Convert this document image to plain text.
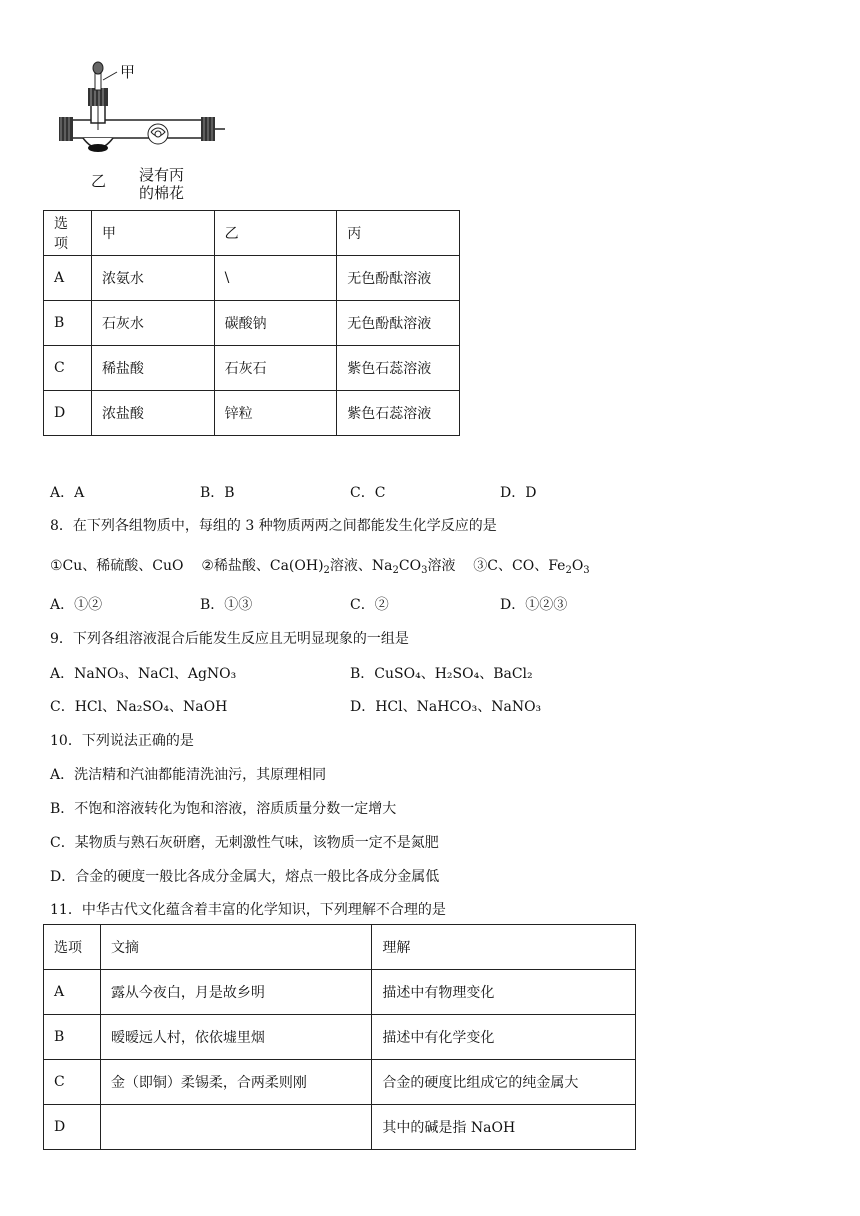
甲
乙 浸有丙
的棉花
选项	甲	乙	丙
A	浓氨水	\	无色酚酞溶液
B	石灰水	碳酸钠	无色酚酞溶液
C	稀盐酸	石灰石	紫色石蕊溶液
D	浓盐酸	锌粒	紫色石蕊溶液
A．A	B．B	C．C	D．D
8．在下列各组物质中，每组的 3 种物质两两之间都能发生化学反应的是
①Cu、稀硫酸、CuO ②稀盐酸、$Ca(OH)_2$溶液、$Na_2CO_3$溶液 ③C、CO、$Fe_2O_3$
A．①②	B．①③	C．②	D．①②③
9．下列各组溶液混合后能发生反应且无明显现象的一组是
A．NaNO₃、NaCl、AgNO₃	B．CuSO₄、H₂SO₄、BaCl₂
C．HCl、Na₂SO₄、NaOH	D．HCl、NaHCO₃、NaNO₃
10．下列说法正确的是
A．洗洁精和汽油都能清洗油污，其原理相同
B．不饱和溶液转化为饱和溶液，溶质质量分数一定增大
C．某物质与熟石灰研磨，无刺激性气味，该物质一定不是氮肥
D．合金的硬度一般比各成分金属大，熔点一般比各成分金属低
11．中华古代文化蕴含着丰富的化学知识，下列理解不合理的是
选项	文摘	理解
A	露从今夜白，月是故乡明	描述中有物理变化
B	暧暧远人村，依依墟里烟	描述中有化学变化
C	金（即铜）柔锡柔，合两柔则刚	合金的硬度比组成它的纯金属大
D		其中的碱是指 NaOH
